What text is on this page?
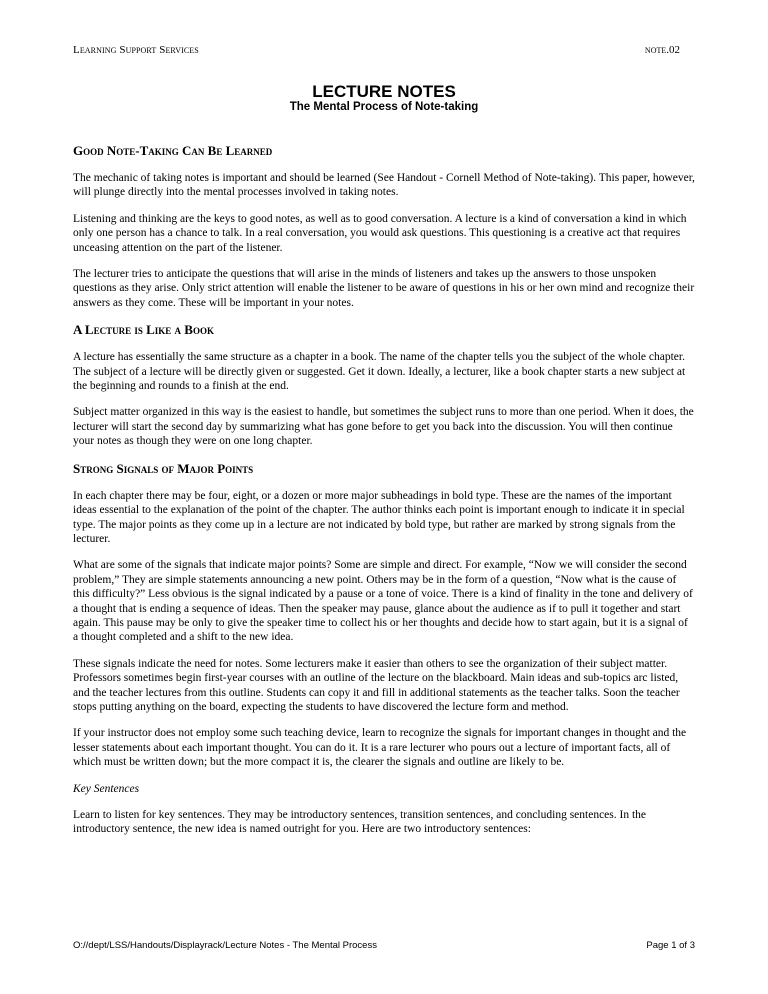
Learning Support Services	note.02
LECTURE NOTES
The Mental Process of Note-taking
Good Note-Taking Can Be Learned

The mechanic of taking notes is important and should be learned (See Handout - Cornell Method of Note-taking). This paper, however, will plunge directly into the mental processes involved in taking notes.

Listening and thinking are the keys to good notes, as well as to good conversation. A lecture is a kind of conversation a kind in which only one person has a chance to talk. In a real conversation, you would ask questions. This questioning is a creative act that requires unceasing attention on the part of the listener.

The lecturer tries to anticipate the questions that will arise in the minds of listeners and takes up the answers to those unspoken questions as they arise. Only strict attention will enable the listener to be aware of questions in his or her own mind and recognize their answers as they come. These will be important in your notes.

A Lecture is Like a Book

A lecture has essentially the same structure as a chapter in a book. The name of the chapter tells you the subject of the whole chapter. The subject of a lecture will be directly given or suggested. Get it down. Ideally, a lecturer, like a book chapter starts a new subject at the beginning and rounds to a finish at the end.

Subject matter organized in this way is the easiest to handle, but sometimes the subject runs to more than one period. When it does, the lecturer will start the second day by summarizing what has gone before to get you back into the discussion. You will then continue your notes as though they were on one long chapter.

Strong Signals of Major Points

In each chapter there may be four, eight, or a dozen or more major subheadings in bold type. These are the names of the important ideas essential to the explanation of the point of the chapter. The author thinks each point is important enough to indicate it in special type. The major points as they come up in a lecture are not indicated by bold type, but rather are marked by strong signals from the lecturer.

What are some of the signals that indicate major points? Some are simple and direct. For example, “Now we will consider the second problem,” They are simple statements announcing a new point. Others may be in the form of a question, “Now what is the cause of this difficulty?” Less obvious is the signal indicated by a pause or a tone of voice. There is a kind of finality in the tone and delivery of a thought that is ending a sequence of ideas. Then the speaker may pause, glance about the audience as if to pull it together and start again. This pause may be only to give the speaker time to collect his or her thoughts and decide how to start again, but it is a signal of a thought completed and a shift to the new idea.

These signals indicate the need for notes. Some lecturers make it easier than others to see the organization of their subject matter. Professors sometimes begin first-year courses with an outline of the lecture on the blackboard. Main ideas and sub-topics arc listed, and the teacher lectures from this outline. Students can copy it and fill in additional statements as the teacher talks. Soon the teacher stops putting anything on the board, expecting the students to have discovered the lecture form and method.

If your instructor does not employ some such teaching device, learn to recognize the signals for important changes in thought and the lesser statements about each important thought. You can do it. It is a rare lecturer who pours out a lecture of important facts, all of which must be written down; but the more compact it is, the clearer the signals and outline are likely to be.

Key Sentences

Learn to listen for key sentences. They may be introductory sentences, transition sentences, and concluding sentences. In the introductory sentence, the new idea is named outright for you. Here are two introductory sentences:

O://dept/LSS/Handouts/Displayrack/Lecture Notes - The Mental Process	Page 1 of 3
